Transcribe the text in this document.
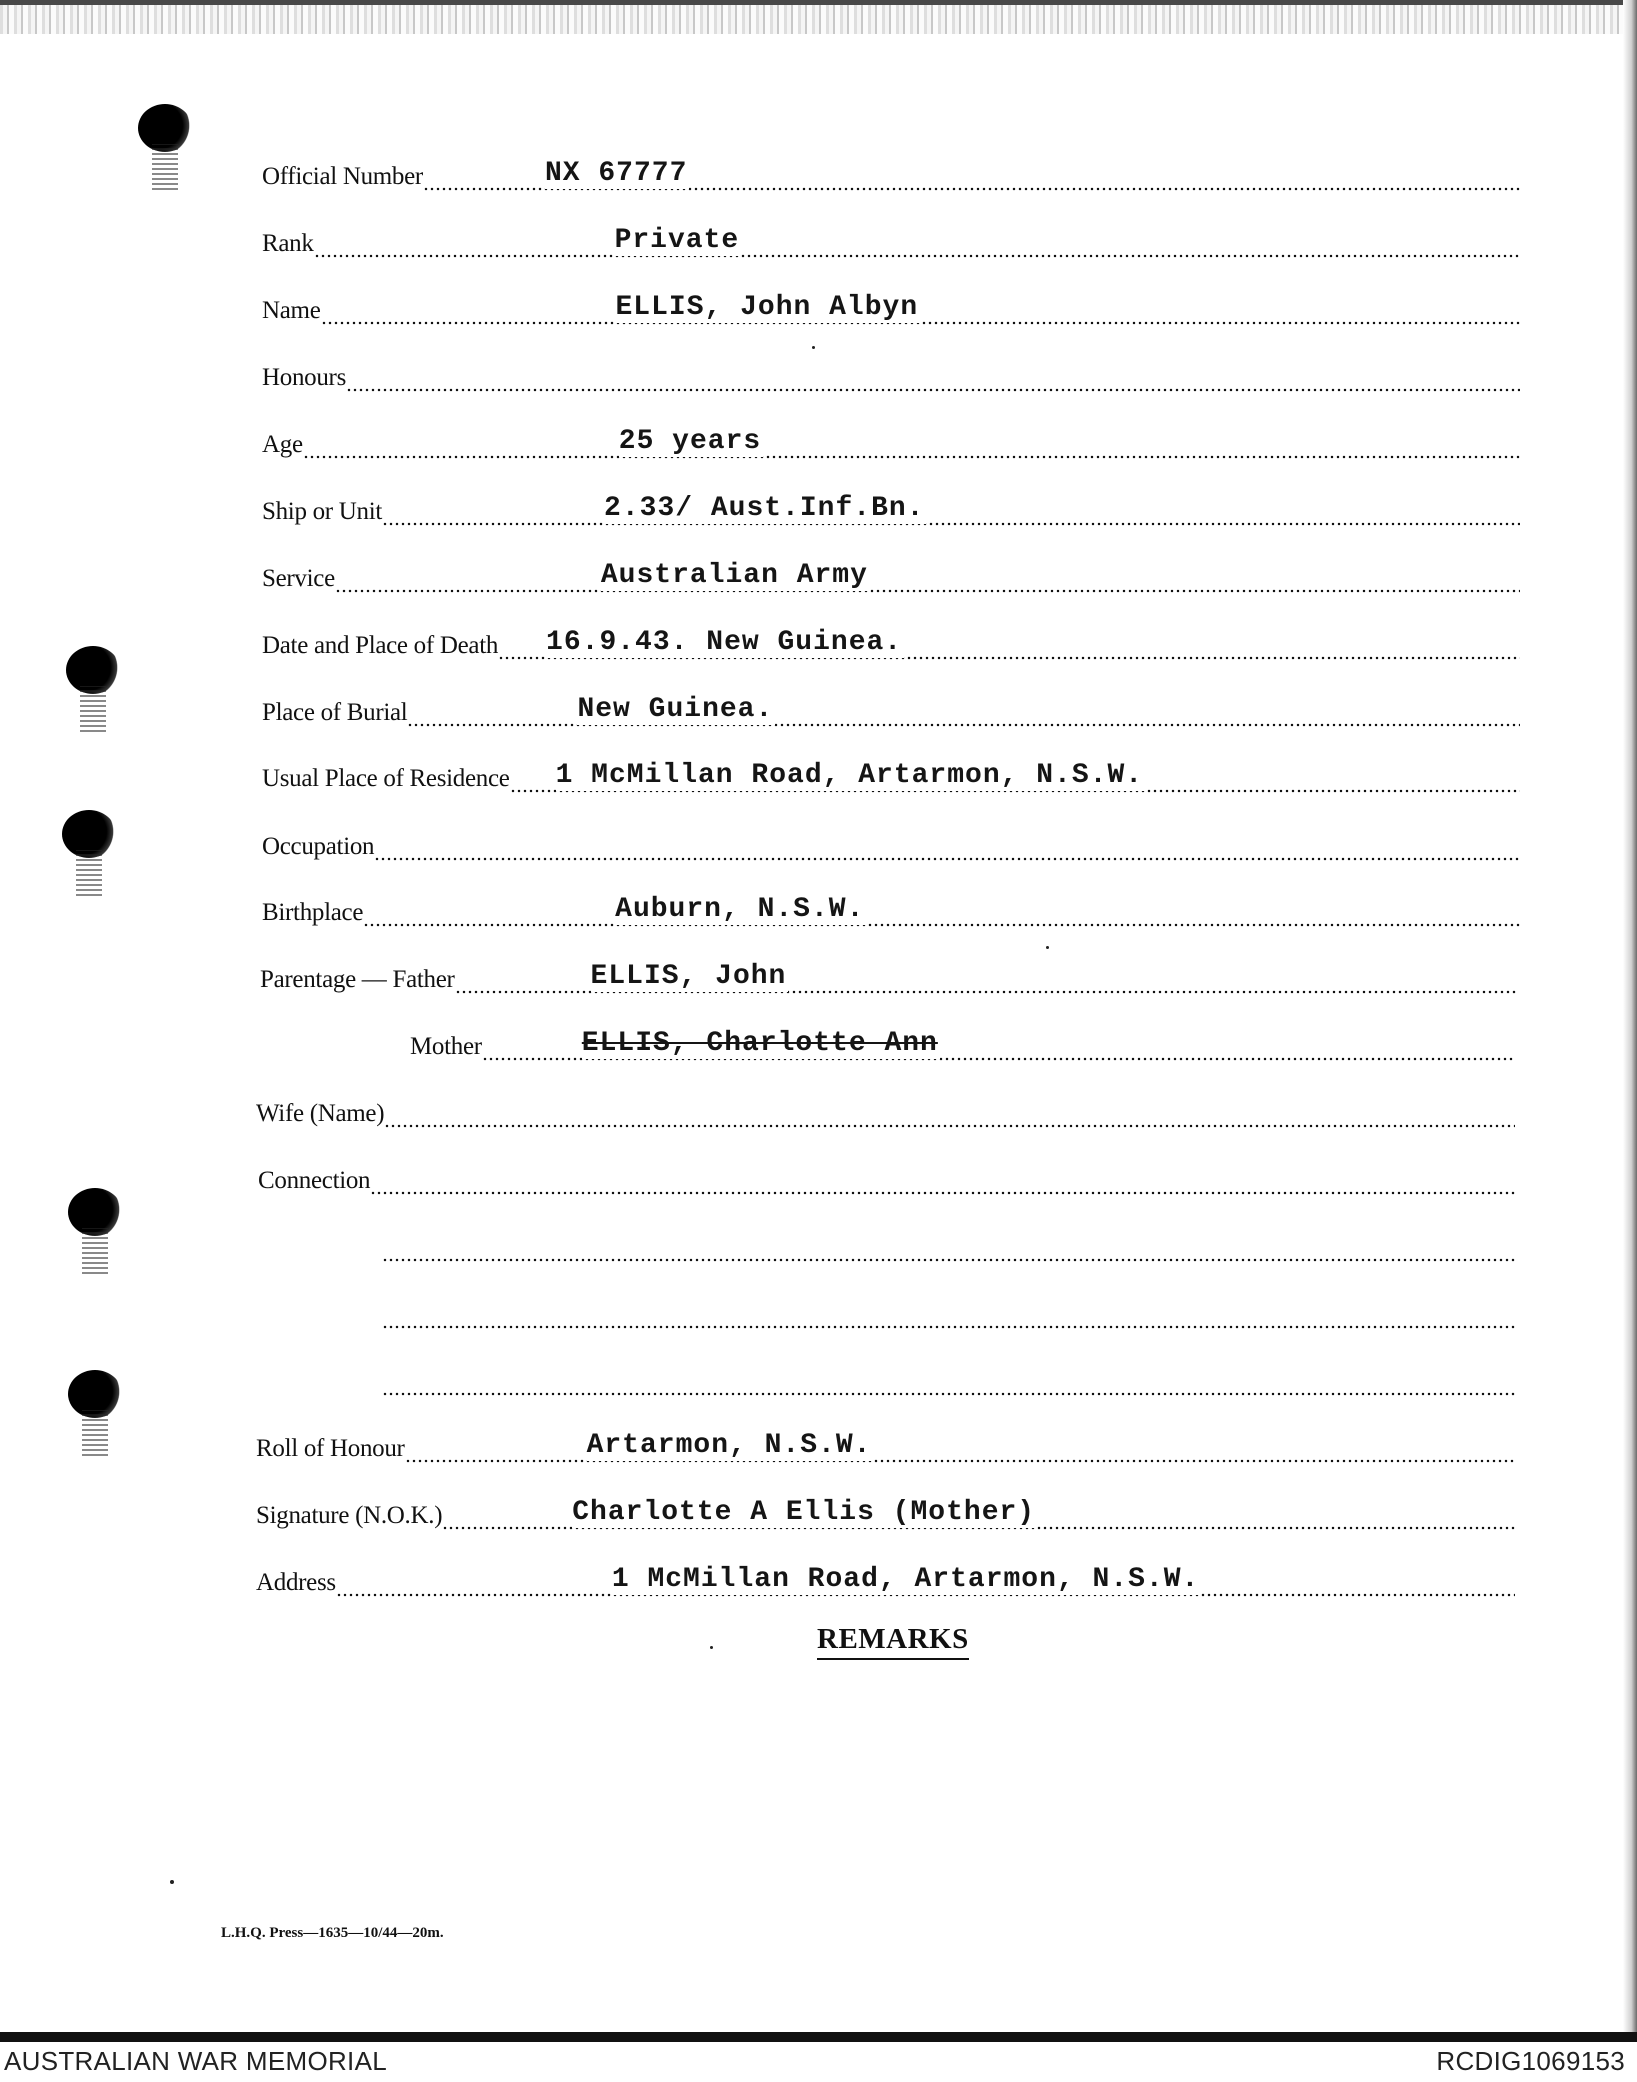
Official Number	NX 67777
Rank	Private
Name	ELLIS, John Albyn
Honours
Age	25 years
Ship or Unit	2.33/ Aust.Inf.Bn.
Service	Australian Army
Date and Place of Death 16.9.43. New Guinea.
Place of Burial	New Guinea.
Usual Place of Residence 1 McMillan Road, Artarmon, N.S.W.
Occupation
Birthplace	Auburn, N.S.W.
Parentage — Father	ELLIS, John
Mother	ELLIS, Charlotte Ann
Wife (Name)
Connection
Roll of Honour	Artarmon, N.S.W.
Signature (N.O.K.)	Charlotte A Ellis (Mother)
Address	1 McMillan Road, Artarmon, N.S.W.
REMARKS
L.H.Q. Press—1635—10/44—20m.
AUSTRALIAN WAR MEMORIAL	RCDIG1069153
